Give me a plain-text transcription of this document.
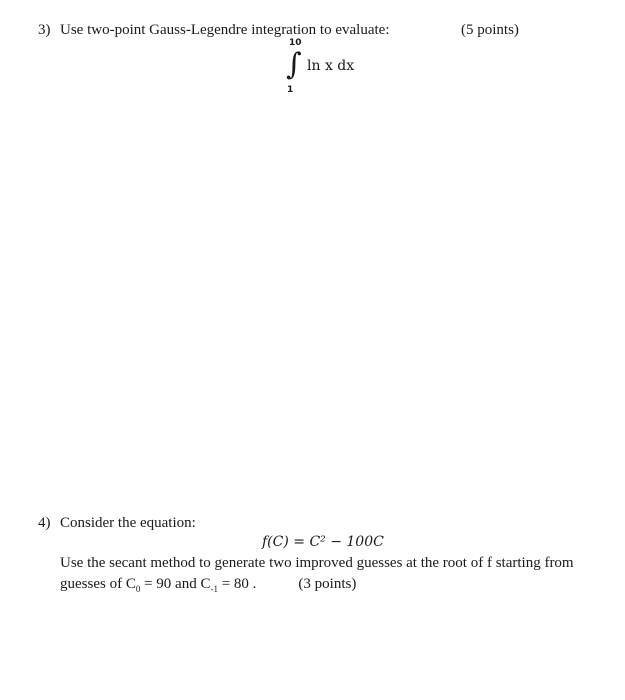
3) Use two-point Gauss-Legendre integration to evaluate:	(5 points)
10
∫
1
ln x dx
4) Consider the equation:
f(C) = C² − 100C
Use the secant method to generate two improved guesses at the root of f starting from
guesses of $C_0 = 90$ and $C_{-1} = 80$ .	(3 points)
